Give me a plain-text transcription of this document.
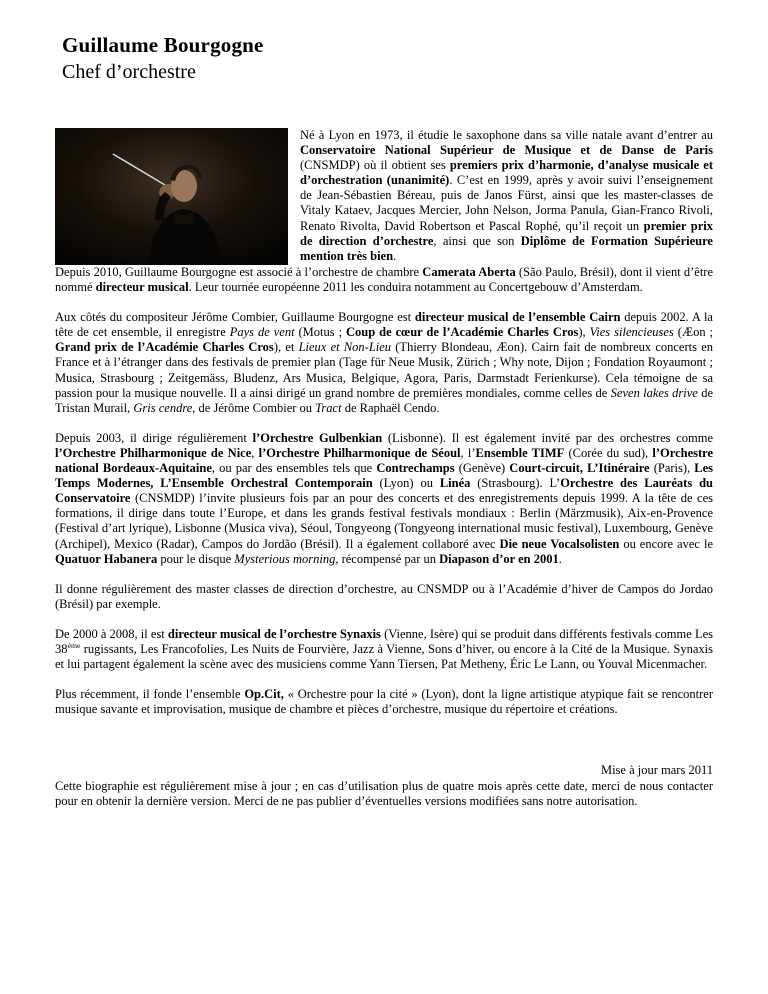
Guillaume Bourgogne
Chef d’orchestre

Né à Lyon en 1973, il étudie le saxophone dans sa ville natale avant d’entrer au Conservatoire National Supérieur de Musique et de Danse de Paris (CNSMDP) où il obtient ses premiers prix d’harmonie, d’analyse musicale et d’orchestration (unanimité). C’est en 1999, après y avoir suivi l’enseignement de Jean-Sébastien Béreau, puis de Janos Fürst, ainsi que les master-classes de Vitaly Kataev, Jacques Mercier, John Nelson, Jorma Panula, Gian-Franco Rivoli, Renato Rivolta, David Robertson et Pascal Rophé, qu’il reçoit un premier prix de direction d’orchestre, ainsi que son Diplôme de Formation Supérieure mention très bien.

Depuis 2010, Guillaume Bourgogne est associé à l’orchestre de chambre Camerata Aberta (São Paulo, Brésil), dont il vient d’être nommé directeur musical. Leur tournée européenne 2011 les conduira notamment au Concertgebouw d’Amsterdam.

Aux côtés du compositeur Jérôme Combier, Guillaume Bourgogne est directeur musical de l’ensemble Cairn depuis 2002. A la tête de cet ensemble, il enregistre Pays de vent (Motus ; Coup de cœur de l’Académie Charles Cros), Vies silencieuses (Æon ; Grand prix de l’Académie Charles Cros), et Lieux et Non-Lieu (Thierry Blondeau, Æon). Cairn fait de nombreux concerts en France et à l’étranger dans des festivals de premier plan (Tage für Neue Musik, Zürich ; Why note, Dijon ; Fondation Royaumont ; Musica, Strasbourg ; Zeitgemäss, Bludenz, Ars Musica, Belgique, Agora, Paris, Darmstadt Ferienkurse). Cela témoigne de sa passion pour la musique nouvelle. Il a ainsi dirigé un grand nombre de premières mondiales, comme celles de Seven lakes drive de Tristan Murail, Gris cendre, de Jérôme Combier ou Tract de Raphaël Cendo.

Depuis 2003, il dirige régulièrement l’Orchestre Gulbenkian (Lisbonne). Il est également invité par des orchestres comme l’Orchestre Philharmonique de Nice, l’Orchestre Philharmonique de Séoul, l’Ensemble TIMF (Corée du sud), l’Orchestre national Bordeaux-Aquitaine, ou par des ensembles tels que Contrechamps (Genève) Court-circuit, L’Itinéraire (Paris), Les Temps Modernes, L’Ensemble Orchestral Contemporain (Lyon) ou Linéa (Strasbourg). L’Orchestre des Lauréats du Conservatoire (CNSMDP) l’invite plusieurs fois par an pour des concerts et des enregistrements depuis 1999. A la tête de ces formations, il dirige dans toute l’Europe, et dans les grands festival festivals mondiaux : Berlin (Märzmusik), Aix-en-Provence (Festival d’art lyrique), Lisbonne (Musica viva), Séoul, Tongyeong (Tongyeong international music festival), Luxembourg, Genève (Archipel), Mexico (Radar), Campos do Jordão (Brésil). Il a également collaboré avec Die neue Vocalsolisten ou encore avec le Quatuor Habanera pour le disque Mysterious morning, récompensé par un Diapason d’or en 2001.

Il donne régulièrement des master classes de direction d’orchestre, au CNSMDP ou à l’Académie d’hiver de Campos do Jordao (Brésil) par exemple.

De 2000 à 2008, il est directeur musical de l’orchestre Synaxis (Vienne, Isère) qui se produit dans différents festivals comme Les 38ème rugissants, Les Francofolies, Les Nuits de Fourvière, Jazz à Vienne, Sons d’hiver, ou encore à la Cité de la Musique. Synaxis et lui partagent également la scène avec des musiciens comme Yann Tiersen, Pat Metheny, Éric Le Lann, ou Youval Micenmacher.

Plus récemment, il fonde l’ensemble Op.Cit, « Orchestre pour la cité » (Lyon), dont la ligne artistique atypique fait se rencontrer musique savante et improvisation, musique de chambre et pièces d’orchestre, musique du répertoire et créations.

Mise à jour mars 2011

Cette biographie est régulièrement mise à jour ; en cas d’utilisation plus de quatre mois après cette date, merci de nous contacter pour en obtenir la dernière version. Merci de ne pas publier d’éventuelles versions modifiées sans notre autorisation.
